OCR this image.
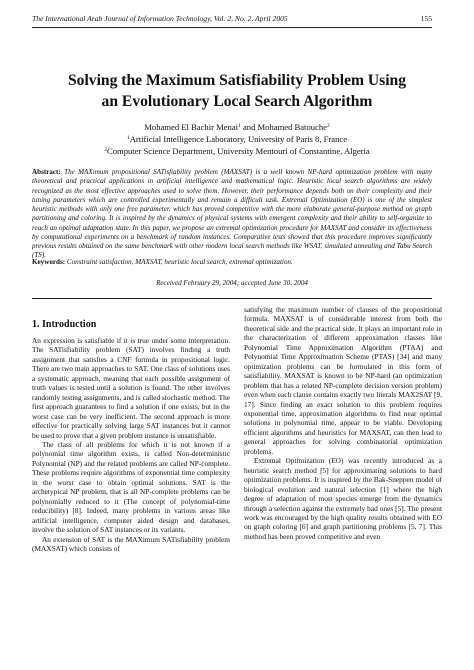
The International Arab Journal of Information Technology, Vol. 2, No. 2, April 2005	155
Solving the Maximum Satisfiability Problem Using
an Evolutionary Local Search Algorithm
Mohamed El Bachir Menai$^1$ and Mohamed Batouche$^2$
$^1$Artificial Intelligence Laboratory, University of Paris 8, France
$^2$Computer Science Department, University Mentouri of Constantine, Algeria
Abstract: The MAXimum propositional SATisfiability problem (MAXSAT) is a well known NP-hard optimization problem with many theoretical and practical applications in artificial intelligence and mathematical logic. Heuristic local search algorithms are widely recognized as the most effective approaches used to solve them. However, their performance depends both on their complexity and their tuning parameters which are controlled experimentally and remain a difficult task. Extremal Optimization (EO) is one of the simplest heuristic methods with only one free parameter, which has proved competitive with the more elaborate general-purpose method on graph partitioning and coloring. It is inspired by the dynamics of physical systems with emergent complexity and their ability to self-organize to reach an optimal adaptation state. In this paper, we propose an extremal optimization procedure for MAXSAT and consider its effectiveness by computational experiments on a benchmark of random instances. Comparative tests showed that this procedure improves significantly previous results obtained on the same benchmark with other modern local search methods like WSAT, simulated annealing and Tabu Search (TS).
Keywords: Constraint satisfaction, MAXSAT, heuristic local search, extremal optimization.
Received February 29, 2004; accepted June 30, 2004
1. Introduction

An expression is satisfiable if it is true under some interpretation. The SATisfiability problem (SAT) involves finding a truth assignment that satisfies a CNF formula in propositional logic. There are two main approaches to SAT. One class of solutions uses a systematic approach, meaning that each possible assignment of truth values is tested until a solution is found. The other involves randomly testing assignments, and is called stochastic method. The first approach guarantees to find a solution if one exists, but in the worst case can be very inefficient. The second approach is more effective for practically solving large SAT instances but it cannot be used to prove that a given problem instance is unsatisfiable.

The class of all problems for which it is not known if a polynomial time algorithm exists, is called Non-deterministic Polynomial (NP) and the related problems are called NP-complete. These problems require algorithms of exponential time complexity in the worst case to obtain optimal solutions. SAT is the archetypical NP problem, that is all NP-complete problems can be polynomially reduced to it (The concept of polynomial-time reducibility) [8]. Indeed, many problems in various areas like artificial intelligence, computer aided design and databases, involve the solution of SAT instances or its variants.

An extension of SAT is the MAXimum SATisfiability problem (MAXSAT) which consists of

satisfying the maximum number of clauses of the propositional formula. MAXSAT is of considerable interest from both the theoretical side and the practical side. It plays an important role in the characterization of different approximation classes like Polynomial Time Approximation Algorithm (PTAA) and Polynomial Time Approximation Scheme (PTAS) [34] and many optimization problems can be formulated in this form of satisfiability. MAXSAT is known to be NP-hard (an optimization problem that has a related NP-complete decision version problem) even when each clause contains exactly two literals MAX2SAT [9, 17]. Since finding an exact solution to this problem requires exponential time, approximation algorithms to find near optimal solutions in polynomial time, appear to be viable. Developing efficient algorithms and heuristics for MAXSAT, can then lead to general approaches for solving combinatorial optimization problems.

Extremal Optimization (EO) was recently introduced as a heuristic search method [5] for approximating solutions to hard optimization problems. It is inspired by the Bak-Sneppen model of biological evolution and natural selection [1] where the high degree of adaptation of most species emerge from the dynamics through a selection against the extremely bad ones [5]. The present work was encouraged by the high quality results obtained with EO on graph coloring [6] and graph partitioning problems [5, 7]. This method has been proved competitive and even
